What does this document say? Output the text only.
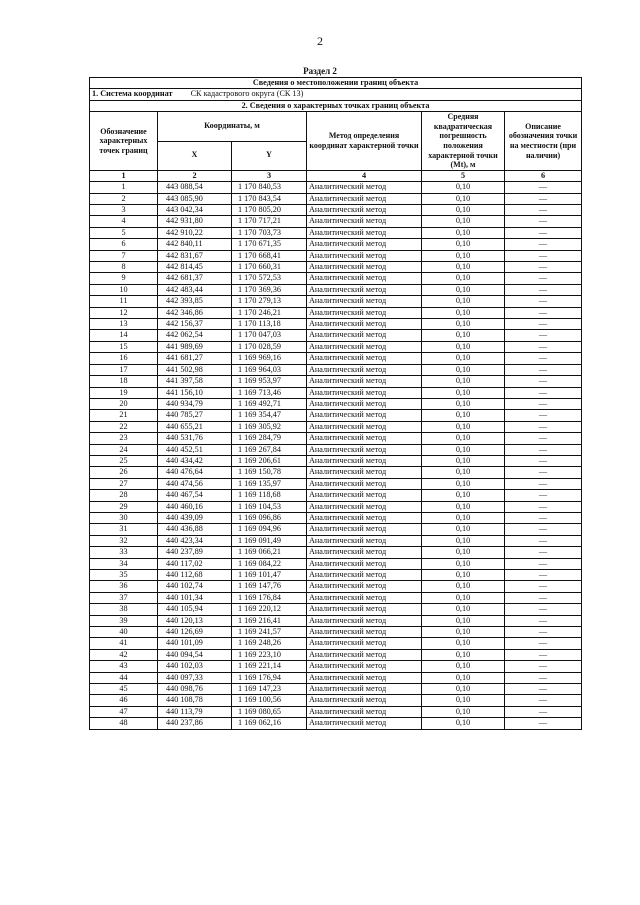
2
Раздел 2
Сведения о местоположении границ объекта					
1. Система координат СК кадастрового округа (СК 13)					
2. Сведения о характерных точках границ объекта					
Обозначение характерных точек границ	Координаты, м		Метод определения координат характерной точки	Средняя квадратическая погрешность положения характерной точки (Mt), м	Описание обозначения точки на местности (при наличии)
	X	Y			
1	2	3	4	5	6
1	443 088,54	1 170 840,53	Аналитический метод	0,10	—
2	443 085,90	1 170 843,54	Аналитический метод	0,10	—
3	443 042,34	1 170 805,20	Аналитический метод	0,10	—
4	442 931,80	1 170 717,21	Аналитический метод	0,10	—
5	442 910,22	1 170 703,73	Аналитический метод	0,10	—
6	442 840,11	1 170 671,35	Аналитический метод	0,10	—
7	442 831,67	1 170 668,41	Аналитический метод	0,10	—
8	442 814,45	1 170 660,31	Аналитический метод	0,10	—
9	442 681,37	1 170 572,53	Аналитический метод	0,10	—
10	442 483,44	1 170 369,36	Аналитический метод	0,10	—
11	442 393,85	1 170 279,13	Аналитический метод	0,10	—
12	442 346,86	1 170 246,21	Аналитический метод	0,10	—
13	442 156,37	1 170 113,18	Аналитический метод	0,10	—
14	442 062,54	1 170 047,03	Аналитический метод	0,10	—
15	441 989,69	1 170 028,59	Аналитический метод	0,10	—
16	441 681,27	1 169 969,16	Аналитический метод	0,10	—
17	441 502,98	1 169 964,03	Аналитический метод	0,10	—
18	441 397,58	1 169 953,97	Аналитический метод	0,10	—
19	441 156,10	1 169 713,46	Аналитический метод	0,10	—
20	440 934,79	1 169 492,71	Аналитический метод	0,10	—
21	440 785,27	1 169 354,47	Аналитический метод	0,10	—
22	440 655,21	1 169 305,92	Аналитический метод	0,10	—
23	440 531,76	1 169 284,79	Аналитический метод	0,10	—
24	440 452,51	1 169 267,84	Аналитический метод	0,10	—
25	440 434,42	1 169 206,61	Аналитический метод	0,10	—
26	440 476,64	1 169 150,78	Аналитический метод	0,10	—
27	440 474,56	1 169 135,97	Аналитический метод	0,10	—
28	440 467,54	1 169 118,68	Аналитический метод	0,10	—
29	440 460,16	1 169 104,53	Аналитический метод	0,10	—
30	440 439,09	1 169 096,86	Аналитический метод	0,10	—
31	440 436,88	1 169 094,96	Аналитический метод	0,10	—
32	440 423,34	1 169 091,49	Аналитический метод	0,10	—
33	440 237,89	1 169 066,21	Аналитический метод	0,10	—
34	440 117,02	1 169 084,22	Аналитический метод	0,10	—
35	440 112,68	1 169 101,47	Аналитический метод	0,10	—
36	440 102,74	1 169 147,76	Аналитический метод	0,10	—
37	440 101,34	1 169 176,84	Аналитический метод	0,10	—
38	440 105,94	1 169 220,12	Аналитический метод	0,10	—
39	440 120,13	1 169 216,41	Аналитический метод	0,10	—
40	440 126,69	1 169 241,57	Аналитический метод	0,10	—
41	440 101,09	1 169 248,26	Аналитический метод	0,10	—
42	440 094,54	1 169 223,10	Аналитический метод	0,10	—
43	440 102,03	1 169 221,14	Аналитический метод	0,10	—
44	440 097,33	1 169 176,94	Аналитический метод	0,10	—
45	440 098,76	1 169 147,23	Аналитический метод	0,10	—
46	440 108,78	1 169 100,56	Аналитический метод	0,10	—
47	440 113,79	1 169 080,65	Аналитический метод	0,10	—
48	440 237,86	1 169 062,16	Аналитический метод	0,10	—
